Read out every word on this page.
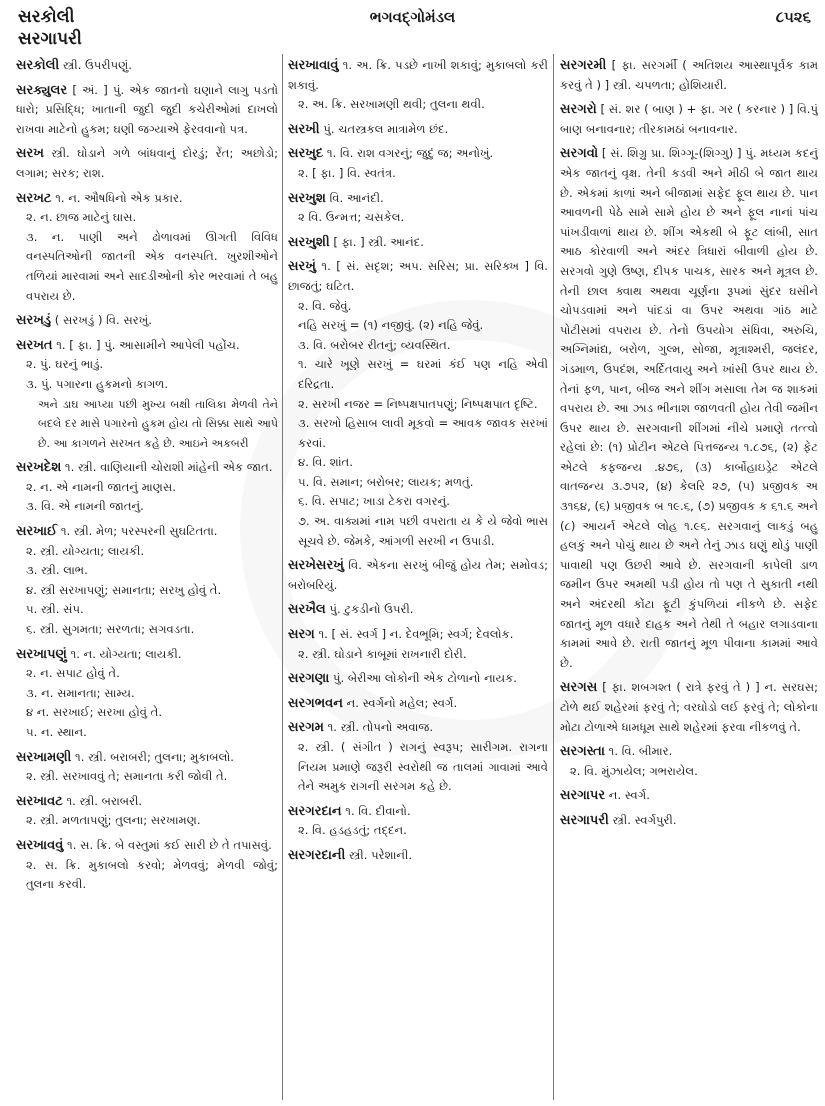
સરકોલી
સરગાપરી
ભગવદ્ગોમંડલ	૮૫૨૬
સરકોલી સ્ત્રી. ઉપરીપણું.
સરક્યુલર [ અં. ] પું. એક જાતનો ઘણાને લાગુ પડતો ધારો; પ્રસિદ્ધિ; ખાતાની જુદી જુદી કચેરીઓમાં દાખલો રાખવા માટેનો હુકમ; ઘણી જગ્યાએ ફેરવવાનો પત્ર.
સરખ સ્ત્રી. ઘોડાને ગળે બાંધવાનું દોરડું; રેંત; અછોડો; લગામ; સરક; રાશ.
સરખટ ૧. ન. ઔષધિનો એક પ્રકાર.
૨. ન. છાજ માટેનું ઘાસ.
૩. ન. પાણી અને ઢોળાવમાં ઊગતી વિવિધ વનસ્પતિઓની જાતની એક વનસ્પતિ. ખુરશીઓને તળિયાં મારવામાં અને સાદડીઓની કોર ભરવામાં તે બહુ વપરાય છે.
સરખડું ( સરખડું ) વિ. સરખું.
સરખત ૧. [ ફા. ] પું. આસામીને આપેલી પહોંચ.
૨. પું. ઘરનું ભાડું.
૩. પું. પગારના હુકમનો કાગળ.
અને ડાઘ આપ્યા પછી મુખ્ય બક્ષી તાલિકા મેળવી તેને બદલે દર માસે પગારનો હુકમ હોય તો સિક્કા સાથે આપે છે. આ કાગળને સરખત કહે છે. આઇને અકબરી
સરખદેશ ૧. સ્ત્રી. વાણિયાની ચોરાશી માંહેની એક જાત.
૨. ન. એ નામની જાતનું માણસ.
૩. વિ. એ નામની જાતનું.
સરખાઈ ૧. સ્ત્રી. મેળ; પરસ્પરની સુઘટિતતા.
૨. સ્ત્રી. યોગ્યતા; લાયકી.
૩. સ્ત્રી. લાભ.
૪. સ્ત્રી સરખાપણું; સમાનતા; સરખુ હોવું તે.
૫. સ્ત્રી. સંપ.
૬. સ્ત્રી. સુગમતા; સરળતા; સગવડતા.
સરખાપણું ૧. ન. યોગ્યતા; લાયકી.
૨. ન. સપાટ હોવું તે.
૩. ન. સમાનતા; સામ્ય.
૪ ન. સરખાઈ; સરખા હોવું તે.
૫. ન. સ્થાન.
સરખામણી ૧. સ્ત્રી. બરાબરી; તુલના; મુકાબલો.
૨. સ્ત્રી. સરખાવવું તે; સમાનતા કરી જોવી તે.
સરખાવટ ૧. સ્ત્રી. બરાબરી.
૨. સ્ત્રી. મળતાપણું; તુલના; સરખામણ.
સરખાવવું ૧. સ. ક્રિ. બે વસ્તુમાં કઈ સારી છે તે તપાસવું.
૨. સ. ક્રિ. મુકાબલો કરવો; મેળવવું; મેળવી જોવું; તુલના કરવી.
સરખાવાવું ૧. અ. ક્રિ. પડછે નાખી શકાવું; મુકાબલો કરી શકાવું.
૨. અ. ક્રિ. સરખામણી થવી; તુલના થવી.
સરખી પું. ચતસ્ત્રકલ માત્રામેળ છંદ.
સરખુદ ૧. વિ. રાશ વગરનું; જુદું જ; અનોખું.
૨. [ ફા. ] વિ. સ્વતંત્ર.
સરખુશ વિ. આનંદી.
૨ વિ. ઉન્મત્ત; ચસકેલ.
સરખુશી [ ફા. ] સ્ત્રી. આનંદ.
સરખું ૧. [ સં. સદૃશ; અપ. સરિસ; પ્રા. સરિક્ખ ] વિ. છાજતું; ઘટિત.
૨. વિ. જેવું.
નહિ સરખું = (૧) નજીવું. (૨) નહિ જેવું.
૩. વિ. બરોબર રીતનું; વ્યવસ્થિત.
૧. ચારે ખૂણે સરખું = ઘરમાં કંઈ પણ નહિ એવી દરિદ્રતા.
૨. સરખી નજર = નિષ્પક્ષપાતપણું; નિષ્પક્ષપાત દૃષ્ટિ.
૩. સરખો હિસાબ લાવી મૂકવો = આવક જાવક સરખાં કરવાં.
૪. વિ. શાંત.
૫. વિ. સમાન; બરોબર; લાયક; મળતું.
૬. વિ. સપાટ; ખાડા ટેકરા વગરનું.
૭. અ. વાક્યમાં નામ પછી વપરાતા ય કે યે જેવો ભાસ સૂચવે છે. જેમકે, આંગળી સરખી ન ઉપાડી.
સરખેસરખું વિ. એકના સરખું બીજું હોય તેમ; સમોવડ; બરોબરિયું.
સરખૈલ પું. ટુકડીનો ઉપરી.
સરગ ૧. [ સં. સ્વર્ગ ] ન. દેવભૂમિ; સ્વર્ગ; દેવલોક.
૨. સ્ત્રી. ઘોડાને કાબૂમાં રાખનારી દોરી.
સરગણા પું. બેરીઆ લોકોની એક ટોળાનો નાયક.
સરગભવન ન. સ્વર્ગનો મહેલ; સ્વર્ગ.
સરગમ ૧. સ્ત્રી. તોપનો અવાજ.
૨. સ્ત્રી. ( સંગીત ) રાગનું સ્વરૂપ; સારીગમ. રાગના નિયમ પ્રમાણે જરૂરી સ્વરોથી જ તાલમાં ગાવામાં આવે તેને અમુક રાગની સરગમ કહે છે.
સરગરદાન ૧. વિ. દીવાનો.
૨. વિ. હડહડતું; તદ્દન.
સરગરદાની સ્ત્રી. પરેશાની.
સરગરમી [ ફા. સરગર્મી ( અતિશય આસ્થાપૂર્વક કામ કરવું તે ) ] સ્ત્રી. ચપળતા; હોશિયારી.
સરગરો [ સં. શર ( બાણ ) + ફા. ગર ( કરનાર ) ] વિ.પું બાણ બનાવનાર; તીરકામઠાં બનાવનાર.
સરગવો [ સં. શિગ્રુ પ્રા. શિગ્ગૂ-(શિગ્ગુ) ] પું. મધ્યમ કદનું એક જાતનું વૃક્ષ. તેની કડવી અને મીઠી બે જાત થાય છે. એકમાં કાળાં અને બીજામાં સફેદ ફૂલ થાય છે. પાન આવળની પેઠે સામે સામે હોય છે અને ફૂલ નાનાં પાંચ પાંખડીવાળાં થાય છે. શીંગ એકથી બે ફૂટ લાંબી, સાત આઠ કોરવાળી અને અંદર ત્રિધારાં બીવાળી હોય છે. સરગવો ગુણે ઉષ્ણ, દીપક પાચક, સારક અને મૂત્રલ છે. તેની છાલ ક્વાથ અથવા ચૂર્ણના રૂપમાં સુંદર ઘસીને ચોપડવામાં અને પાંદડાં વા ઉપર અથવા ગાંઠ માટે પોટીસમાં વપરાય છે. તેનો ઉપયોગ સંધિવા, અરુચિ, અગ્નિમાંદ્ય, બરોળ, ગુલ્મ, સોજા, મૂત્રાશ્મરી, જલંદર, ગંડમાળ, ઉપદંશ, અર્દિતવાયુ અને ખાંસી ઉપર થાય છે. તેનાં ફળ, પાન, બીજ અને શીંગ મસાલા તેમ જ શાકમાં વપરાય છે. આ ઝાડ ભીનાશ જાળવતી હોય તેવી જમીન ઉપર થાય છે. સરગવાની શીંગમાં નીચે પ્રમાણે તત્ત્વો રહેલાં છે: (૧) પ્રોટીન એટલે પિત્તજન્ય ૧.૮૭૬, (૨) ફેટ એટલે કફજન્ય .૪૭૬, (૩) કાર્બોહાઇડ્રેટ એટલે વાતજન્ય ૩.૭૫૨, (૪) કેલરિ ૨૭, (૫) પ્રજીવક અ ૩૧૬૪, (૬) પ્રજીવક બ ૧૯.૬, (૭) પ્રજીવક ક ૬૧.૬ અને (૮) આયર્ન એટલે લોહ ૧.૯૬. સરગવાનું લાકડું બહુ હલકું અને પોચું થાય છે અને તેનું ઝાડ ઘણું થોડું પાણી પાવાથી પણ ઉછરી આવે છે. સરગવાની કાપેલી ડાળ જમીન ઉપર અમથી પડી હોય તો પણ તે સુકાતી નથી અને અંદરથી કોંટા ફૂટી કુંપળિયાં નીકળે છે. સફેદ જાતનું મૂળ વધારે દાહક અને તેથી તે બહાર લગાડવાના કામમાં આવે છે. રાતી જાતનું મૂળ પીવાના કામમાં આવે છે.
સરગસ [ ફા. શબગશ્ત ( રાત્રે ફરવું તે ) ] ન. સરઘસ; ટોળે થઈ શહેરમાં ફરવું તે; વરઘોડો લઈ ફરવું તે; લોકોના મોટા ટોળાએ ધામધૂમ સાથે શહેરમાં ફરવા નીકળવું તે.
સરગસ્તા ૧. વિ. બીમાર.
૨. વિ. મુંઝાયેલ; ગભરાયેલ.
સરગાપર ન. સ્વર્ગ.
સરગાપરી સ્ત્રી. સ્વર્ગપુરી.
